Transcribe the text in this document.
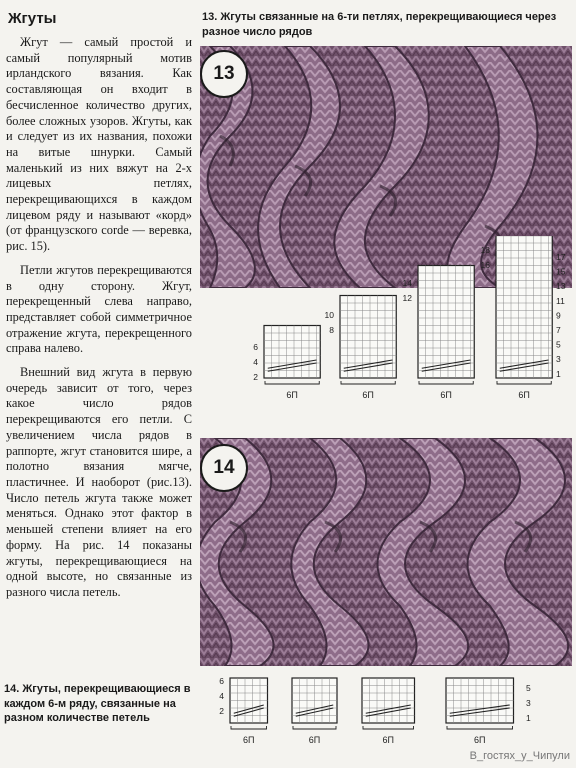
Жгуты

Жгут — самый простой и самый популярный мотив ирландского вязания. Как составляющая он входит в бесчисленное количество других, более сложных узоров. Жгуты, как и следует из их названия, похожи на витые шнурки. Самый маленький из них вяжут на 2-х лицевых петлях, перекрещивающихся в каждом лицевом ряду и называют «корд» (от французского corde — веревка, рис. 15).

Петли жгутов перекрещиваются в одну сторону. Жгут, перекрещенный слева направо, представляет собой симметричное отражение жгута, перекрещенного справа налево.

Внешний вид жгута в первую очередь зависит от того, через какое число рядов перекрещиваются его петли. С увеличением числа рядов в раппорте, жгут становится шире, а полотно вязания мягче, пластичнее. И наоборот (рис.13). Число петель жгута также может меняться. Однако этот фактор в меньшей степени влияет на его форму. На рис. 14 показаны жгуты, перекрещивающиеся на одной высоте, но связанные из разного числа петель.

13. Жгуты связанные на 6-ти петлях, перекрещивающиеся через разное число рядов
13
6П	6П	6П	6П
6
4
2
10
8
14
12
18
16
17
15
13
11
9
7
5
3
1
14
6П	6П	6П	6П
6
4
2
5
3
1
14. Жгуты, перекрещивающиеся в каждом 6-м ряду, связанные на разном количестве петель
В_гостях_у_Чипули
